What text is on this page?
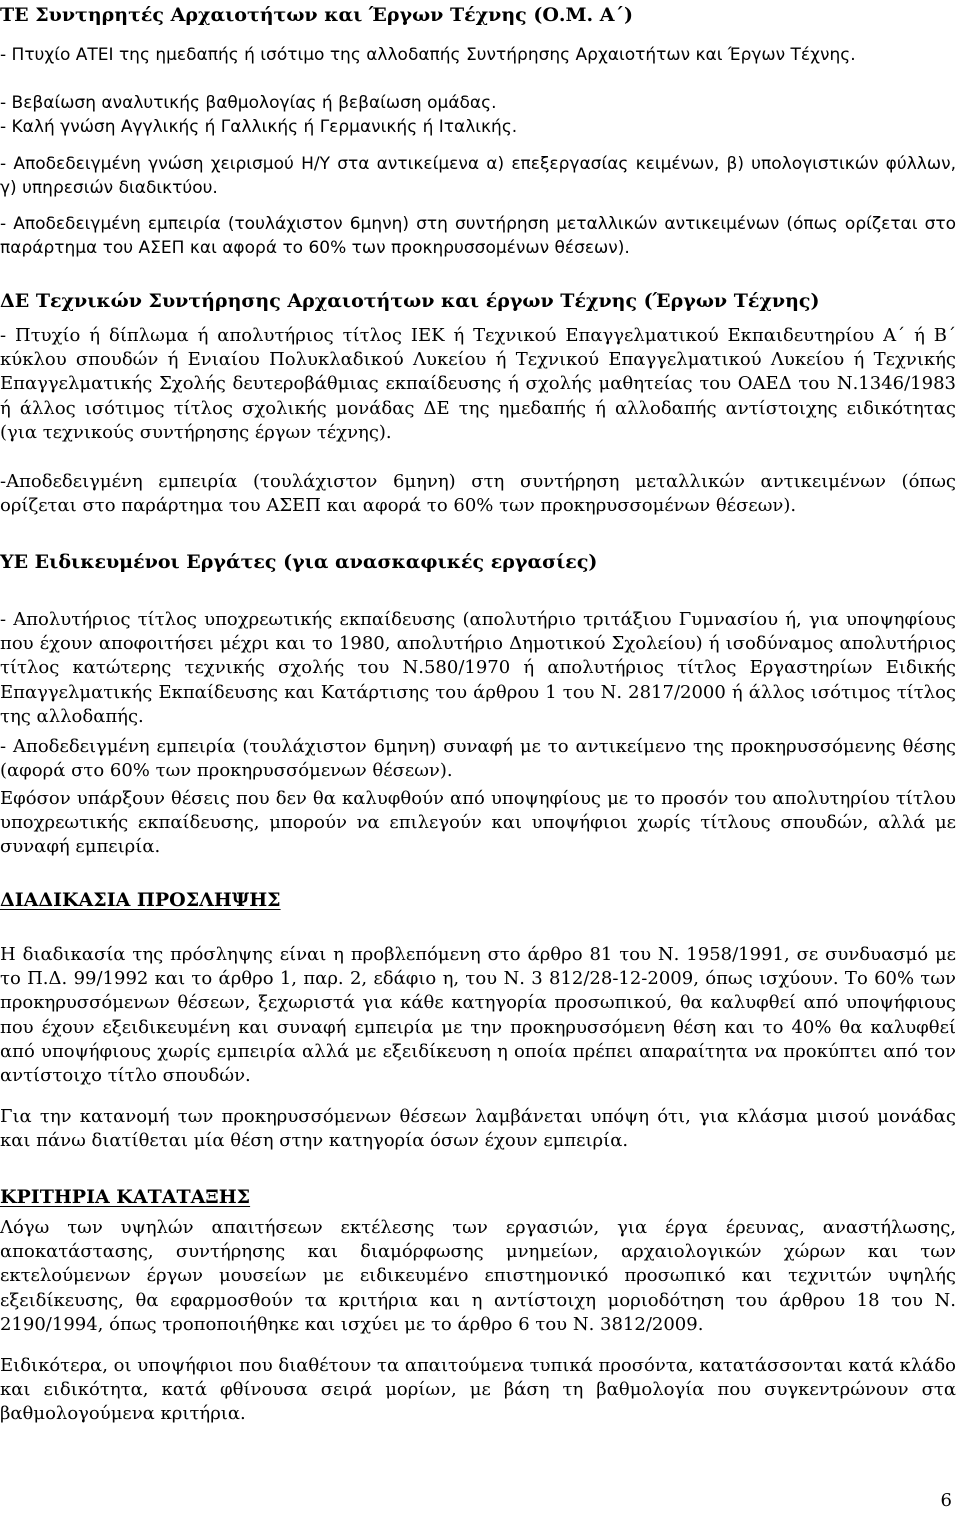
ΤΕ Συντηρητές Αρχαιοτήτων και Έργων Τέχνης (Ο.Μ. Α΄)

- Πτυχίο ΑΤΕΙ της ημεδαπής ή ισότιμο της αλλοδαπής Συντήρησης Αρχαιοτήτων και Έργων Τέχνης.

- Βεβαίωση αναλυτικής βαθμολογίας ή βεβαίωση ομάδας.

- Καλή γνώση Αγγλικής ή Γαλλικής ή Γερμανικής ή Ιταλικής.

- Αποδεδειγμένη γνώση χειρισμού Η/Υ στα αντικείμενα α) επεξεργασίας κειμένων, β) υπολογιστικών φύλλων, γ) υπηρεσιών διαδικτύου.

- Αποδεδειγμένη εμπειρία (τουλάχιστον 6μηνη) στη συντήρηση μεταλλικών αντικειμένων (όπως ορίζεται στο παράρτημα του ΑΣΕΠ και αφορά το 60% των προκηρυσσομένων θέσεων).

ΔΕ Τεχνικών Συντήρησης Αρχαιοτήτων και έργων Τέχνης (Έργων Τέχνης)

- Πτυχίο ή δίπλωμα ή απολυτήριος τίτλος ΙΕΚ ή Τεχνικού Επαγγελματικού Εκπαιδευτηρίου Α΄ ή Β΄ κύκλου σπουδών ή Ενιαίου Πολυκλαδικού Λυκείου ή Τεχνικού Επαγγελματικού Λυκείου ή Τεχνικής Επαγγελματικής Σχολής δευτεροβάθμιας εκπαίδευσης ή σχολής μαθητείας του ΟΑΕΔ του Ν.1346/1983 ή άλλος ισότιμος τίτλος σχολικής μονάδας ΔΕ της ημεδαπής ή αλλοδαπής αντίστοιχης ειδικότητας (για τεχνικούς συντήρησης έργων τέχνης).

-Αποδεδειγμένη εμπειρία (τουλάχιστον 6μηνη) στη συντήρηση μεταλλικών αντικειμένων (όπως ορίζεται στο παράρτημα του ΑΣΕΠ και αφορά το 60% των προκηρυσσομένων θέσεων).

ΥΕ Ειδικευμένοι Εργάτες (για ανασκαφικές εργασίες)

- Απολυτήριος τίτλος υποχρεωτικής εκπαίδευσης (απολυτήριο τριτάξιου Γυμνασίου ή, για υποψηφίους που έχουν αποφοιτήσει μέχρι και το 1980, απολυτήριο Δημοτικού Σχολείου) ή ισοδύναμος απολυτήριος τίτλος κατώτερης τεχνικής σχολής του Ν.580/1970 ή απολυτήριος τίτλος Εργαστηρίων Ειδικής Επαγγελματικής Εκπαίδευσης και Κατάρτισης του άρθρου 1 του Ν. 2817/2000 ή άλλος ισότιμος τίτλος της αλλοδαπής.

- Αποδεδειγμένη εμπειρία (τουλάχιστον 6μηνη) συναφή με το αντικείμενο της προκηρυσσόμενης θέσης (αφορά στο 60% των προκηρυσσόμενων θέσεων).

Εφόσον υπάρξουν θέσεις που δεν θα καλυφθούν από υποψηφίους με το προσόν του απολυτηρίου τίτλου υποχρεωτικής εκπαίδευσης, μπορούν να επιλεγούν και υποψήφιοι χωρίς τίτλους σπουδών, αλλά με συναφή εμπειρία.

ΔΙΑΔΙΚΑΣΙΑ ΠΡΟΣΛΗΨΗΣ

Η διαδικασία της πρόσληψης είναι η προβλεπόμενη στο άρθρο 81 του Ν. 1958/1991, σε συνδυασμό με το Π.Δ. 99/1992 και το άρθρο 1, παρ. 2, εδάφιο η, του Ν. 3 812/28-12-2009, όπως ισχύουν. Το 60% των προκηρυσσόμενων θέσεων, ξεχωριστά για κάθε κατηγορία προσωπικού, θα καλυφθεί από υποψήφιους που έχουν εξειδικευμένη και συναφή εμπειρία με την προκηρυσσόμενη θέση και το 40% θα καλυφθεί από υποψήφιους χωρίς εμπειρία αλλά με εξειδίκευση η οποία πρέπει απαραίτητα να προκύπτει από τον αντίστοιχο τίτλο σπουδών.

Για την κατανομή των προκηρυσσόμενων θέσεων λαμβάνεται υπόψη ότι, για κλάσμα μισού μονάδας και πάνω διατίθεται μία θέση στην κατηγορία όσων έχουν εμπειρία.

ΚΡΙΤΗΡΙΑ ΚΑΤΑΤΑΞΗΣ

Λόγω των υψηλών απαιτήσεων εκτέλεσης των εργασιών, για έργα έρευνας, αναστήλωσης, αποκατάστασης, συντήρησης και διαμόρφωσης μνημείων, αρχαιολογικών χώρων και των εκτελούμενων έργων μουσείων με ειδικευμένο επιστημονικό προσωπικό και τεχνιτών υψηλής εξειδίκευσης, θα εφαρμοσθούν τα κριτήρια και η αντίστοιχη μοριοδότηση του άρθρου 18 του Ν. 2190/1994, όπως τροποποιήθηκε και ισχύει με το άρθρο 6 του Ν. 3812/2009.

Ειδικότερα, οι υποψήφιοι που διαθέτουν τα απαιτούμενα τυπικά προσόντα, κατατάσσονται κατά κλάδο και ειδικότητα, κατά φθίνουσα σειρά μορίων, με βάση τη βαθμολογία που συγκεντρώνουν στα βαθμολογούμενα κριτήρια.

6
